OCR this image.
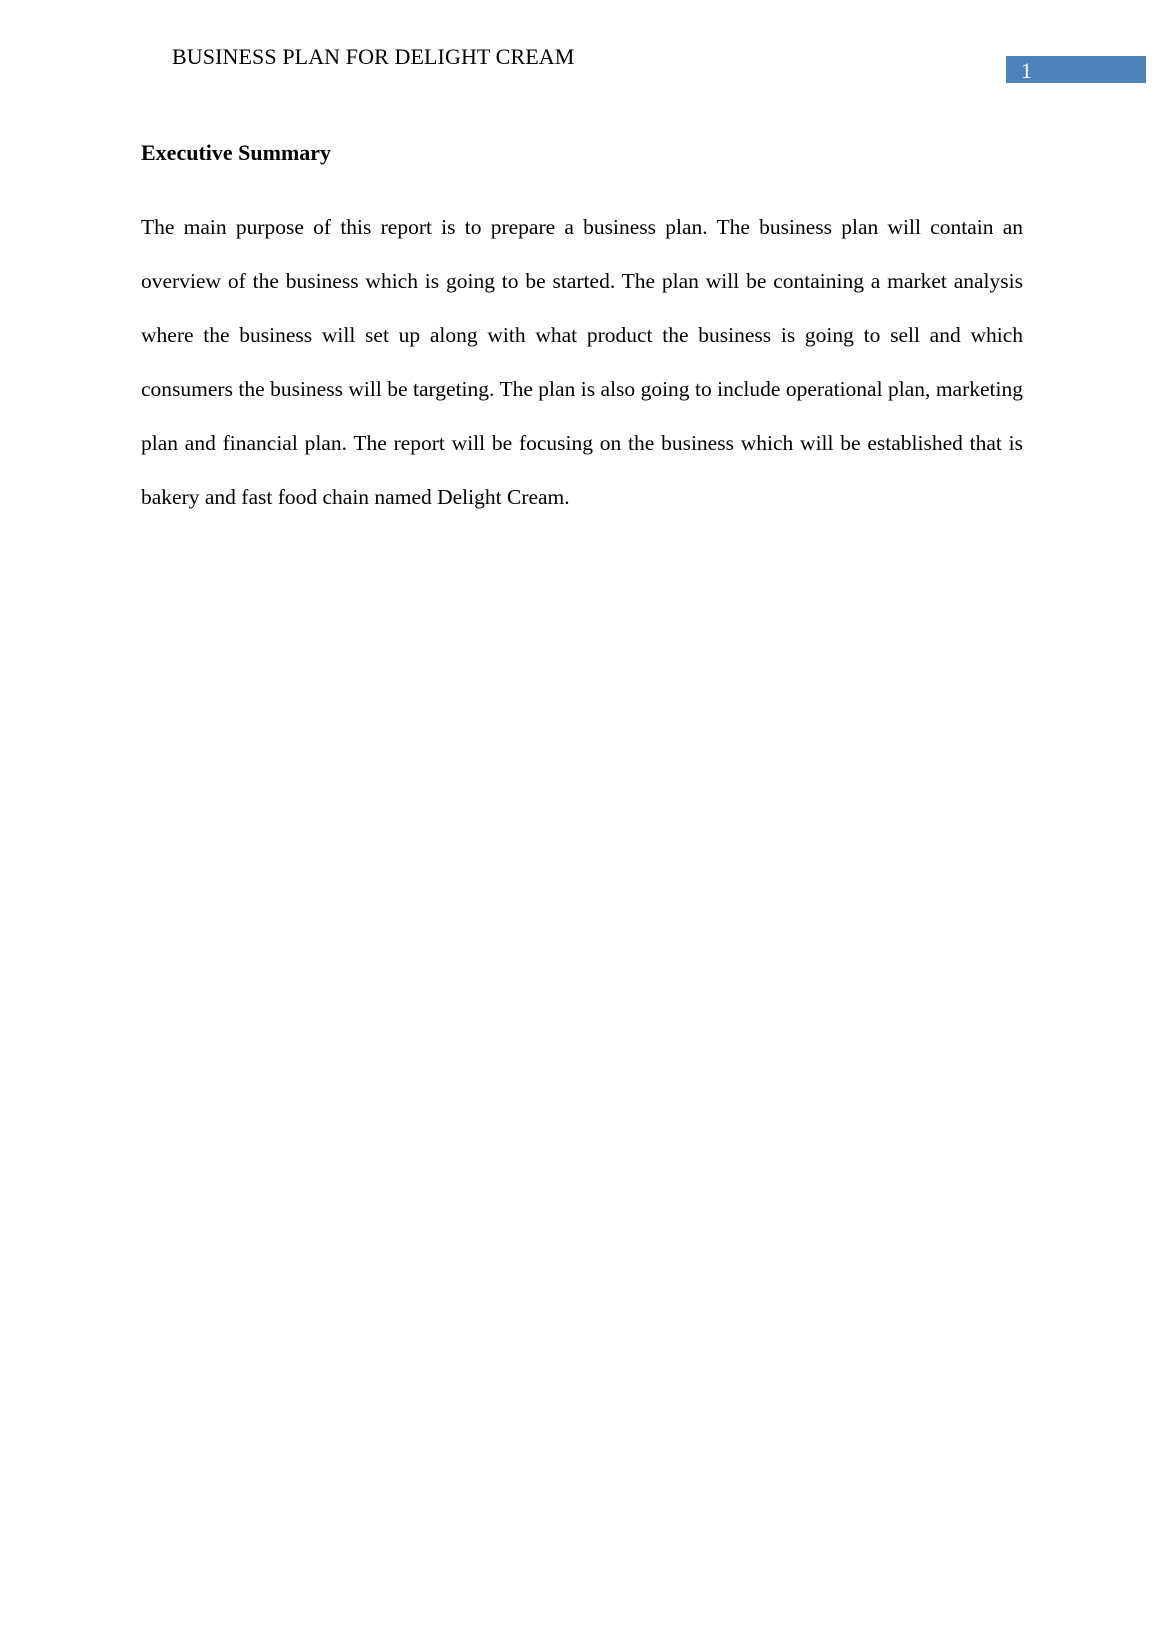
BUSINESS PLAN FOR DELIGHT CREAM
1
Executive Summary

The main purpose of this report is to prepare a business plan. The business plan will contain an overview of the business which is going to be started. The plan will be containing a market analysis where the business will set up along with what product the business is going to sell and which consumers the business will be targeting. The plan is also going to include operational plan, marketing plan and financial plan. The report will be focusing on the business which will be established that is bakery and fast food chain named Delight Cream.
